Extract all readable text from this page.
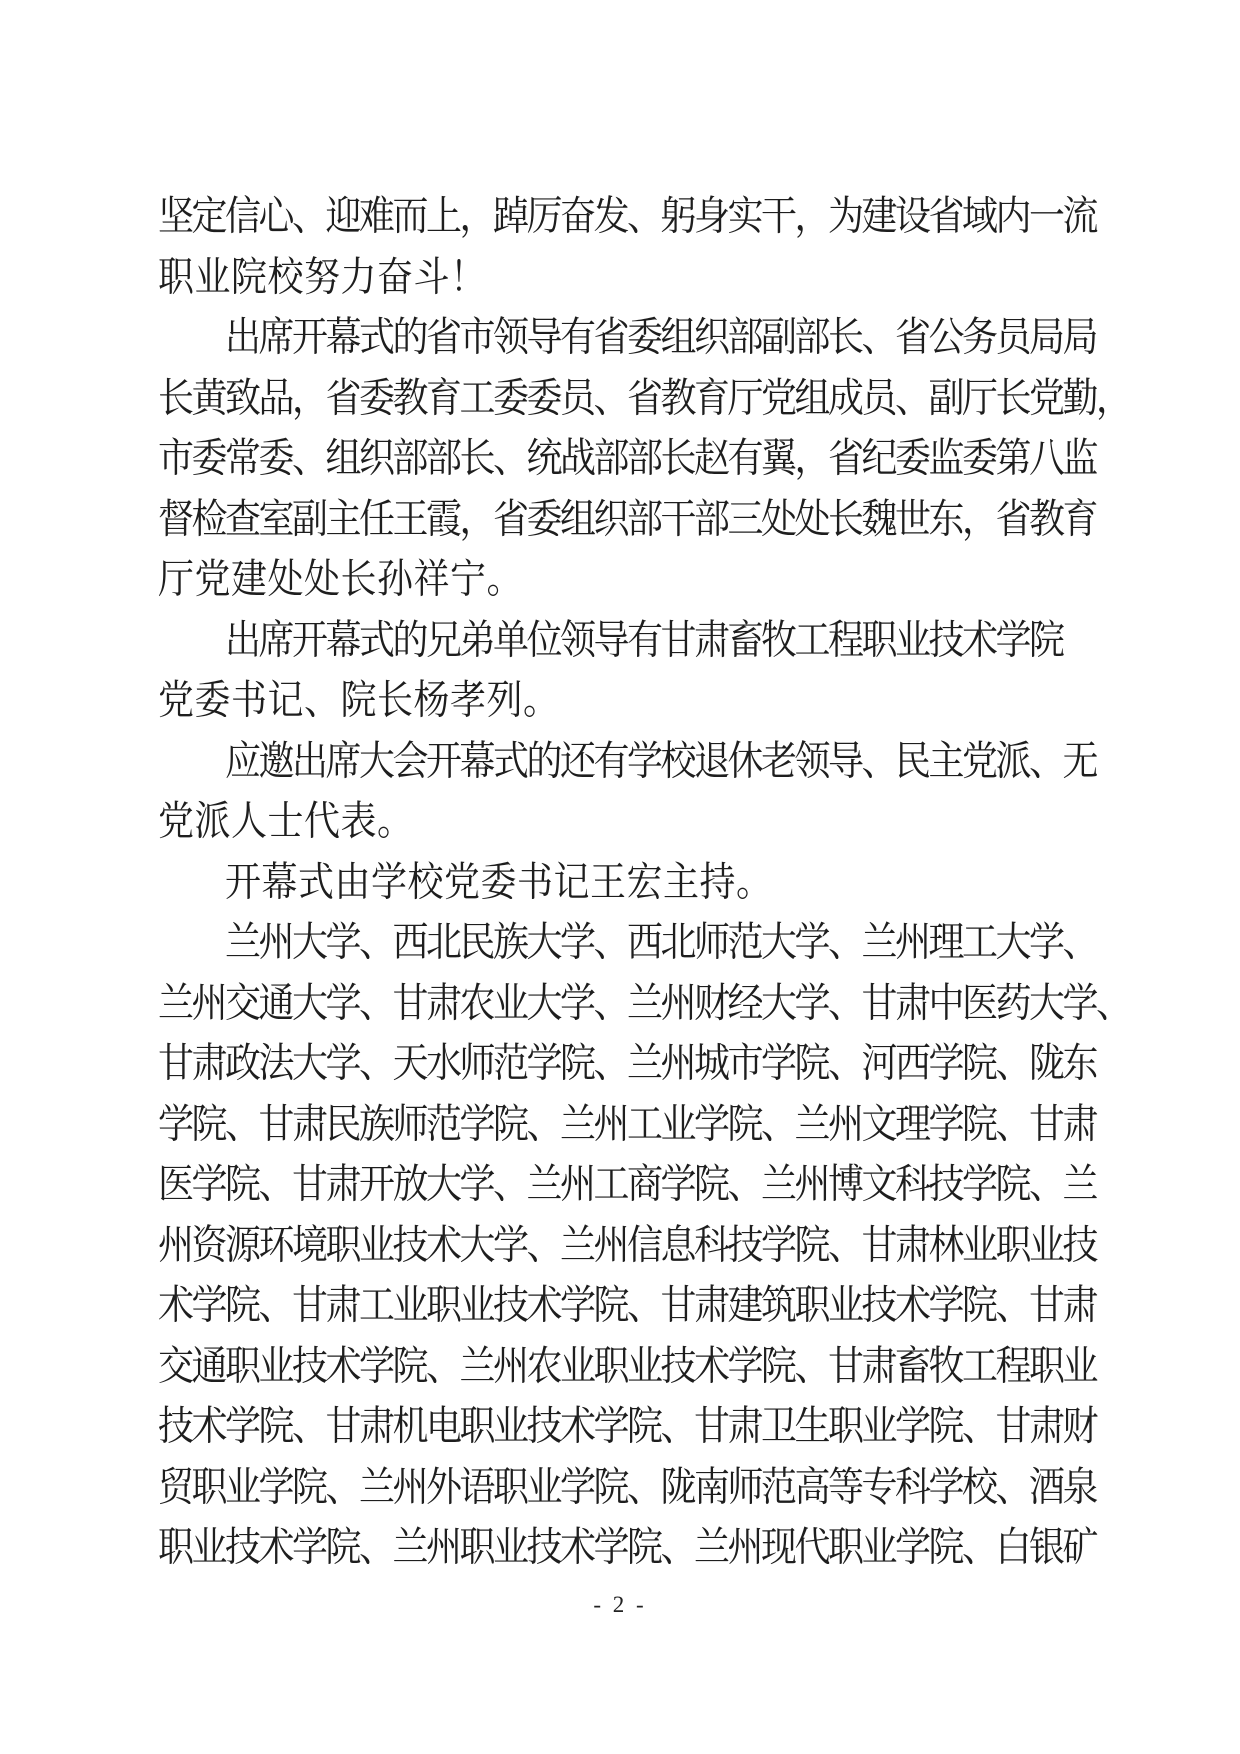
坚定信心、迎难而上，踔厉奋发、躬身实干，为建设省域内一流
职业院校努力奋斗！
出席开幕式的省市领导有省委组织部副部长、省公务员局局
长黄致品，省委教育工委委员、省教育厅党组成员、副厅长党勤，
市委常委、组织部部长、统战部部长赵有翼，省纪委监委第八监
督检查室副主任王霞，省委组织部干部三处处长魏世东，省教育
厅党建处处长孙祥宁。
出席开幕式的兄弟单位领导有甘肃畜牧工程职业技术学院
党委书记、院长杨孝列。
应邀出席大会开幕式的还有学校退休老领导、民主党派、无
党派人士代表。
开幕式由学校党委书记王宏主持。
兰州大学、西北民族大学、西北师范大学、兰州理工大学、
兰州交通大学、甘肃农业大学、兰州财经大学、甘肃中医药大学、
甘肃政法大学、天水师范学院、兰州城市学院、河西学院、陇东
学院、甘肃民族师范学院、兰州工业学院、兰州文理学院、甘肃
医学院、甘肃开放大学、兰州工商学院、兰州博文科技学院、兰
州资源环境职业技术大学、兰州信息科技学院、甘肃林业职业技
术学院、甘肃工业职业技术学院、甘肃建筑职业技术学院、甘肃
交通职业技术学院、兰州农业职业技术学院、甘肃畜牧工程职业
技术学院、甘肃机电职业技术学院、甘肃卫生职业学院、甘肃财
贸职业学院、兰州外语职业学院、陇南师范高等专科学校、酒泉
职业技术学院、兰州职业技术学院、兰州现代职业学院、白银矿
- 2 -
